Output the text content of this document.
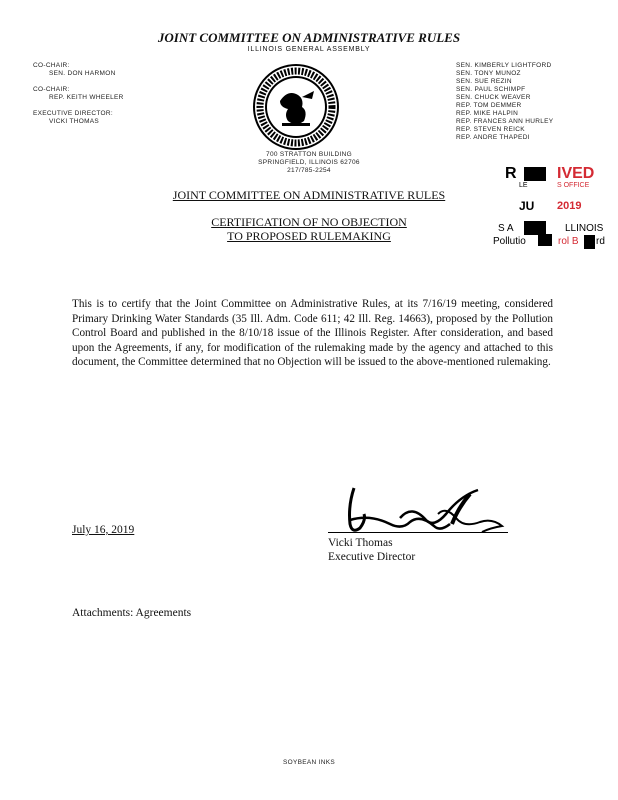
JOINT COMMITTEE ON ADMINISTRATIVE RULES
ILLINOIS GENERAL ASSEMBLY
CO-CHAIR:
SEN. DON HARMON
CO-CHAIR:
REP. KEITH WHEELER
EXECUTIVE DIRECTOR:
VICKI THOMAS
SEN. KIMBERLY LIGHTFORD
SEN. TONY MUNOZ
SEN. SUE REZIN
SEN. PAUL SCHIMPF
SEN. CHUCK WEAVER
REP. TOM DEMMER
REP. MIKE HALPIN
REP. FRANCES ANN HURLEY
REP. STEVEN REICK
REP. ANDRE THAPEDI
700 STRATTON BUILDING
SPRINGFIELD, ILLINOIS 62706
217/785-2254	R	IVED
LE	S OFFICE
JU 2019
S A	LLINOIS
Pollutio	rol B rd
JOINT COMMITTEE ON ADMINISTRATIVE RULES
CERTIFICATION OF NO OBJECTION
TO PROPOSED RULEMAKING
This is to certify that the Joint Committee on Administrative Rules, at its 7/16/19 meeting, considered Primary Drinking Water Standards (35 Ill. Adm. Code 611; 42 Ill. Reg. 14663), proposed by the Pollution Control Board and published in the 8/10/18 issue of the Illinois Register. After consideration, and based upon the Agreements, if any, for modification of the rulemaking made by the agency and attached to this document, the Committee determined that no Objection will be issued to the above-mentioned rulemaking.
July 16, 2019
Vicki Thomas
Executive Director
Attachments: Agreements
SOYBEAN INKS
